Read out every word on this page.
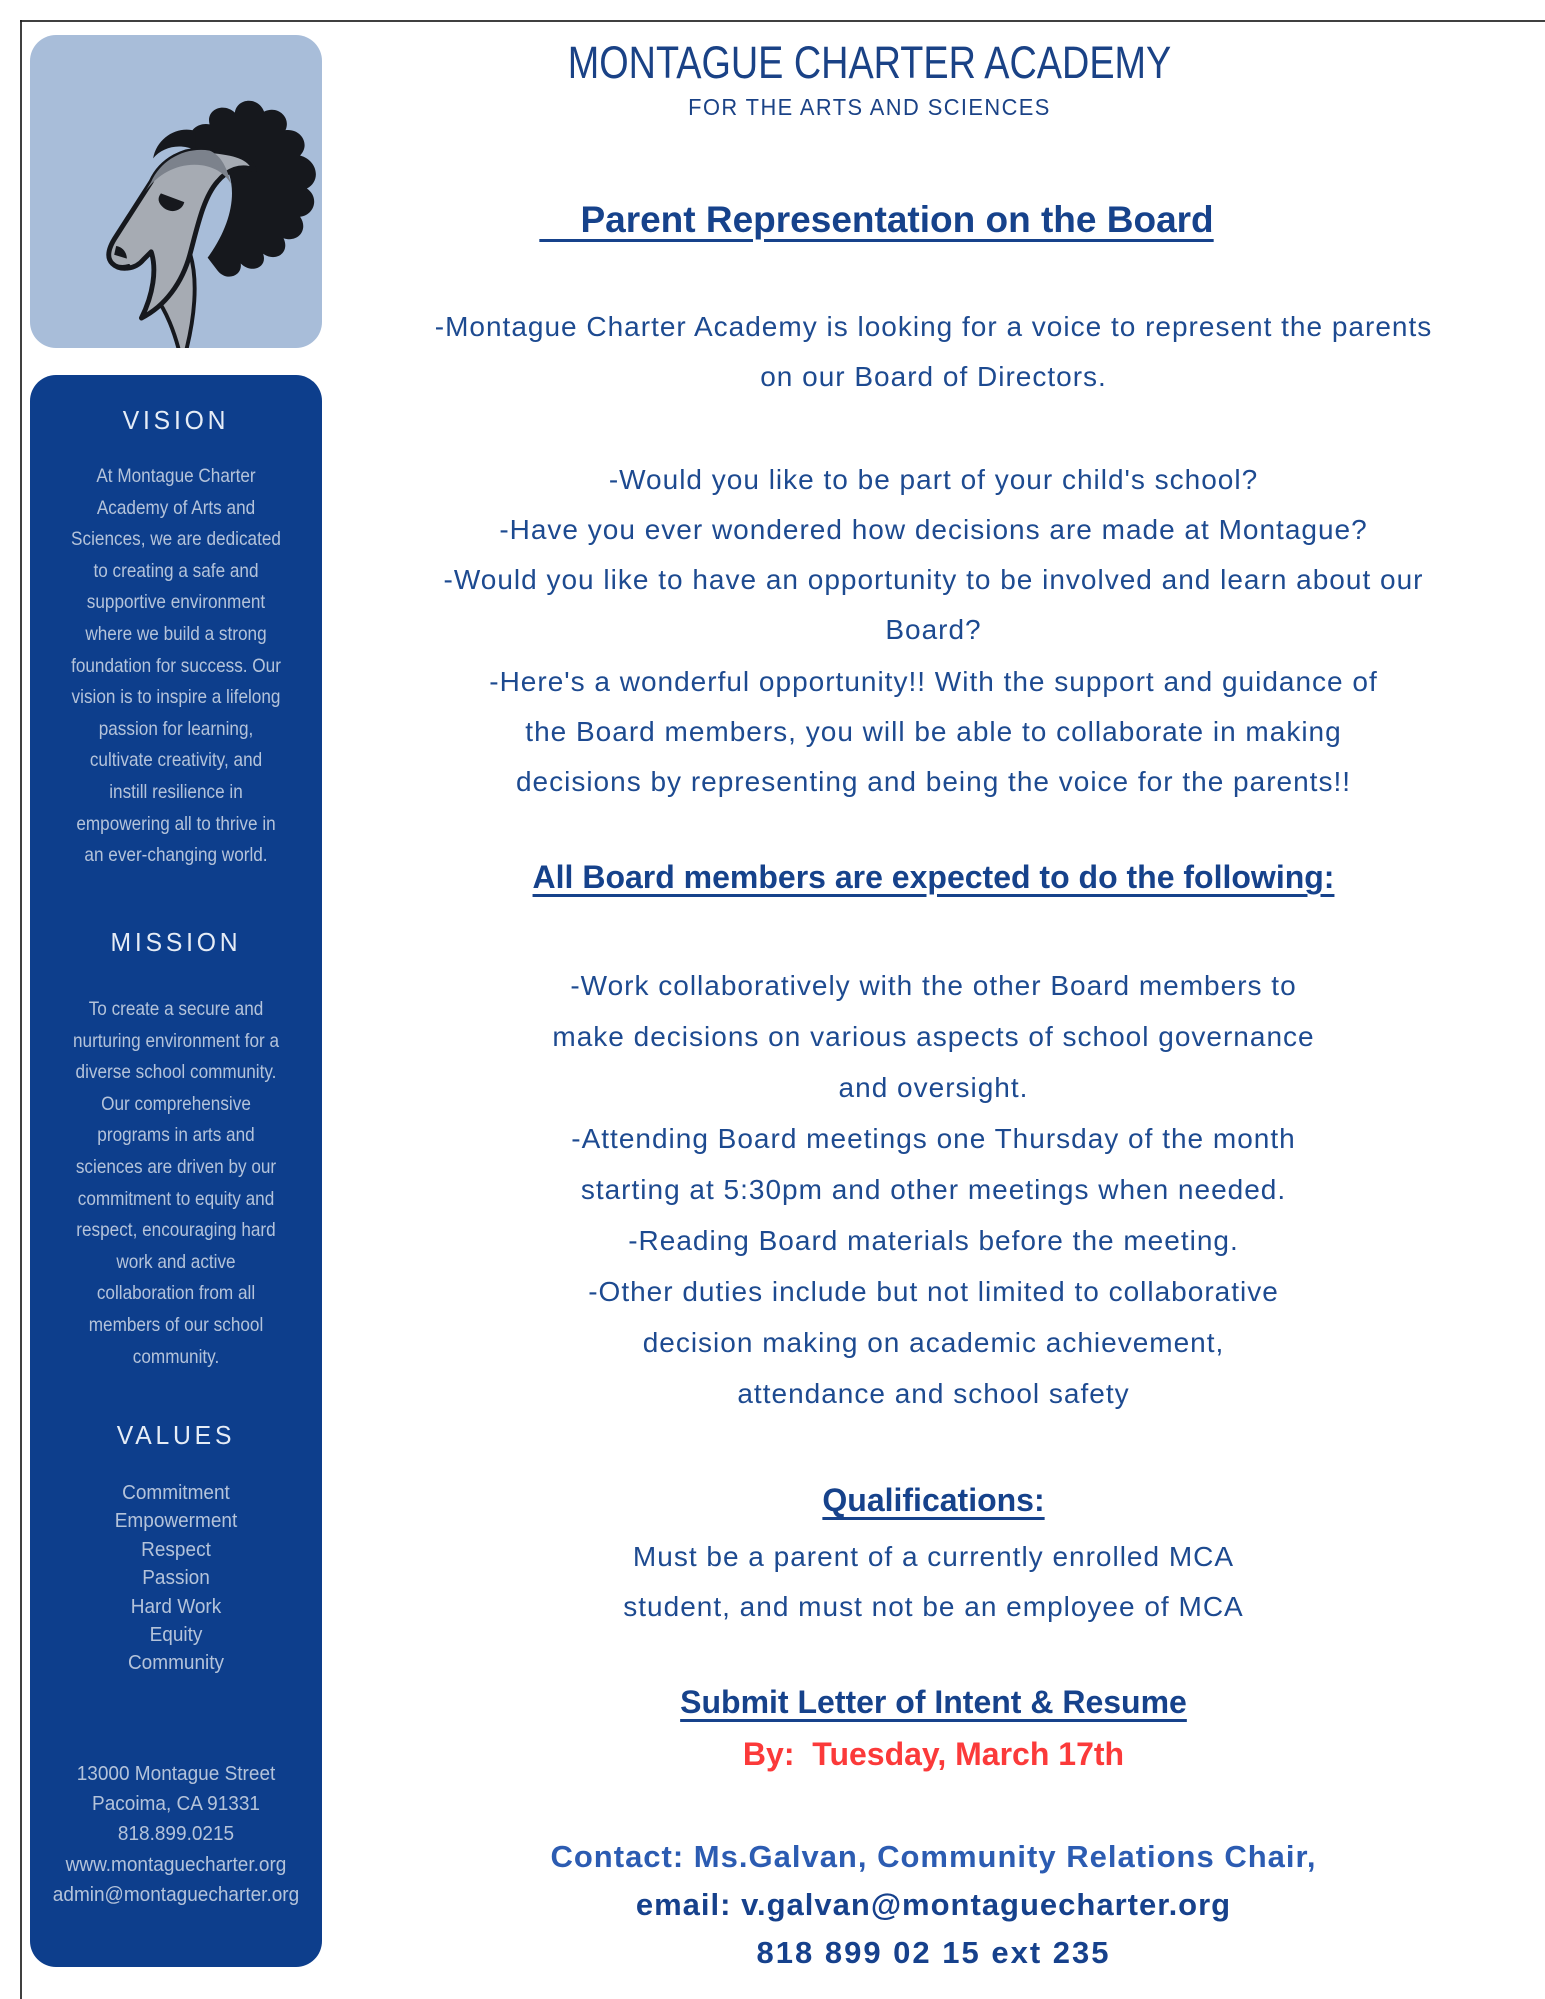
VISION
At Montague Charter
Academy of Arts and
Sciences, we are dedicated
to creating a safe and
supportive environment
where we build a strong
foundation for success. Our
vision is to inspire a lifelong
passion for learning,
cultivate creativity, and
instill resilience in
empowering all to thrive in
an ever-changing world.
MISSION
To create a secure and
nurturing environment for a
diverse school community.
Our comprehensive
programs in arts and
sciences are driven by our
commitment to equity and
respect, encouraging hard
work and active
collaboration from all
members of our school
community.
VALUES
Commitment
Empowerment
Respect
Passion
Hard Work
Equity
Community
13000 Montague Street
Pacoima, CA 91331
818.899.0215
www.montaguecharter.org
admin@montaguecharter.org
MONTAGUE CHARTER ACADEMY
FOR THE ARTS AND SCIENCES
Parent Representation on the Board
-Montague Charter Academy is looking for a voice to represent the parents
on our Board of Directors.
-Would you like to be part of your child's school?
-Have you ever wondered how decisions are made at Montague?
-Would you like to have an opportunity to be involved and learn about our
Board?
-Here's a wonderful opportunity!! With the support and guidance of
the Board members, you will be able to collaborate in making
decisions by representing and being the voice for the parents!!
All Board members are expected to do the following:
-Work collaboratively with the other Board members to
make decisions on various aspects of school governance
and oversight.
-Attending Board meetings one Thursday of the month
starting at 5:30pm and other meetings when needed.
-Reading Board materials before the meeting.
-Other duties include but not limited to collaborative
decision making on academic achievement,
attendance and school safety
Qualifications:
Must be a parent of a currently enrolled MCA
student, and must not be an employee of MCA
Submit Letter of Intent & Resume
By:  Tuesday, March 17th
Contact: Ms.Galvan, Community Relations Chair,
email: v.galvan@montaguecharter.org
818 899 02 15 ext 235
